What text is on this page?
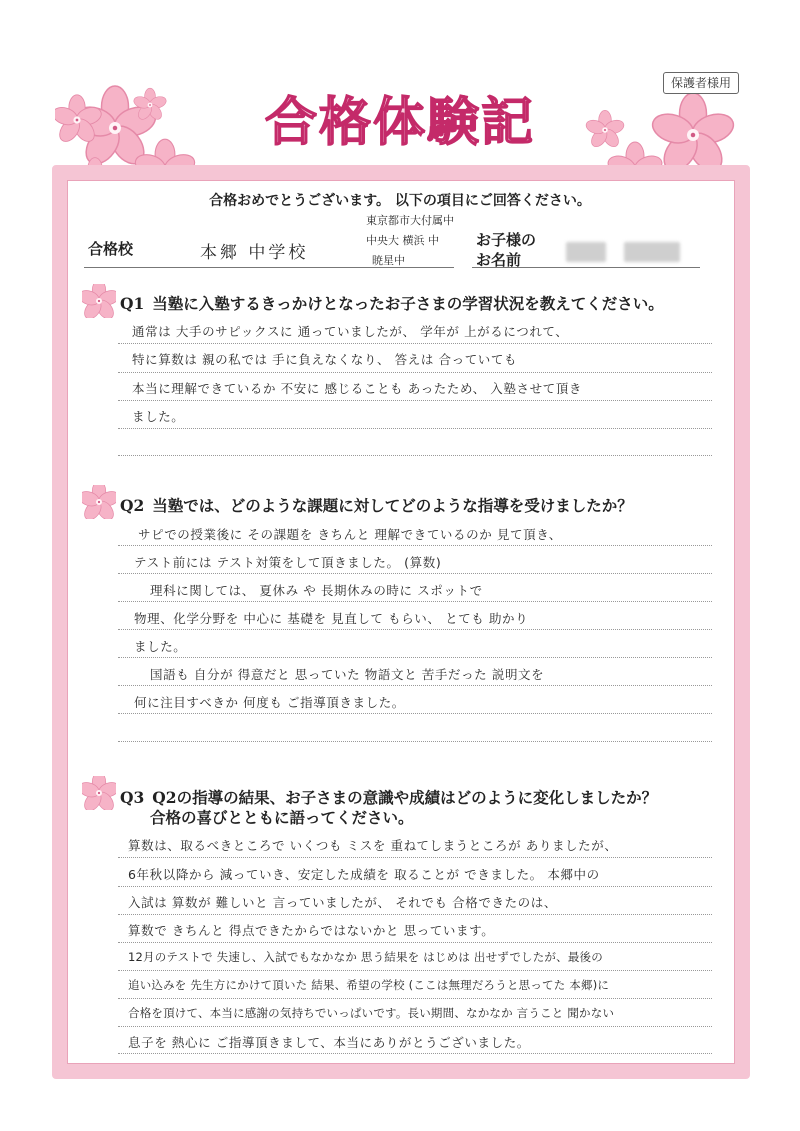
保護者様用
合格体験記
合格おめでとうございます。 以下の項目にご回答ください。
合格校	本郷 中学校
東京都市大付属中
中央大 横浜 中
暁星中
お子様の
お名前
Q1 当塾に入塾するきっかけとなったお子さまの学習状況を教えてください。
通常は 大手のサピックスに 通っていましたが、 学年が 上がるにつれて、
特に算数は 親の私では 手に負えなくなり、 答えは 合っていても
本当に理解できているか 不安に 感じることも あったため、 入塾させて頂き
ました。
Q2 当塾では、どのような課題に対してどのような指導を受けましたか？
サピでの授業後に その課題を きちんと 理解できているのか 見て頂き、
テスト前には テスト対策をして頂きました。 (算数)
理科に関しては、 夏休み や 長期休みの時に スポットで
物理、化学分野を 中心に 基礎を 見直して もらい、 とても 助かり
ました。
国語も 自分が 得意だと 思っていた 物語文と 苦手だった 説明文を
何に注目すべきか 何度も ご指導頂きました。
Q3 Q2の指導の結果、お子さまの意識や成績はどのように変化しましたか？
合格の喜びとともに語ってください。
算数は、取るべきところで いくつも ミスを 重ねてしまうところが ありましたが、
6年秋以降から 減っていき、安定した成績を 取ることが できました。 本郷中の
入試は 算数が 難しいと 言っていましたが、 それでも 合格できたのは、
算数で きちんと 得点できたからではないかと 思っています。
12月のテストで 失速し、入試でもなかなか 思う結果を はじめは 出せずでしたが、最後の
追い込みを 先生方にかけて頂いた 結果、希望の学校 (ここは無理だろうと思ってた 本郷)に
合格を頂けて、本当に感謝の気持ちでいっぱいです。長い期間、なかなか 言うこと 聞かない
息子を 熱心に ご指導頂きまして、本当にありがとうございました。
